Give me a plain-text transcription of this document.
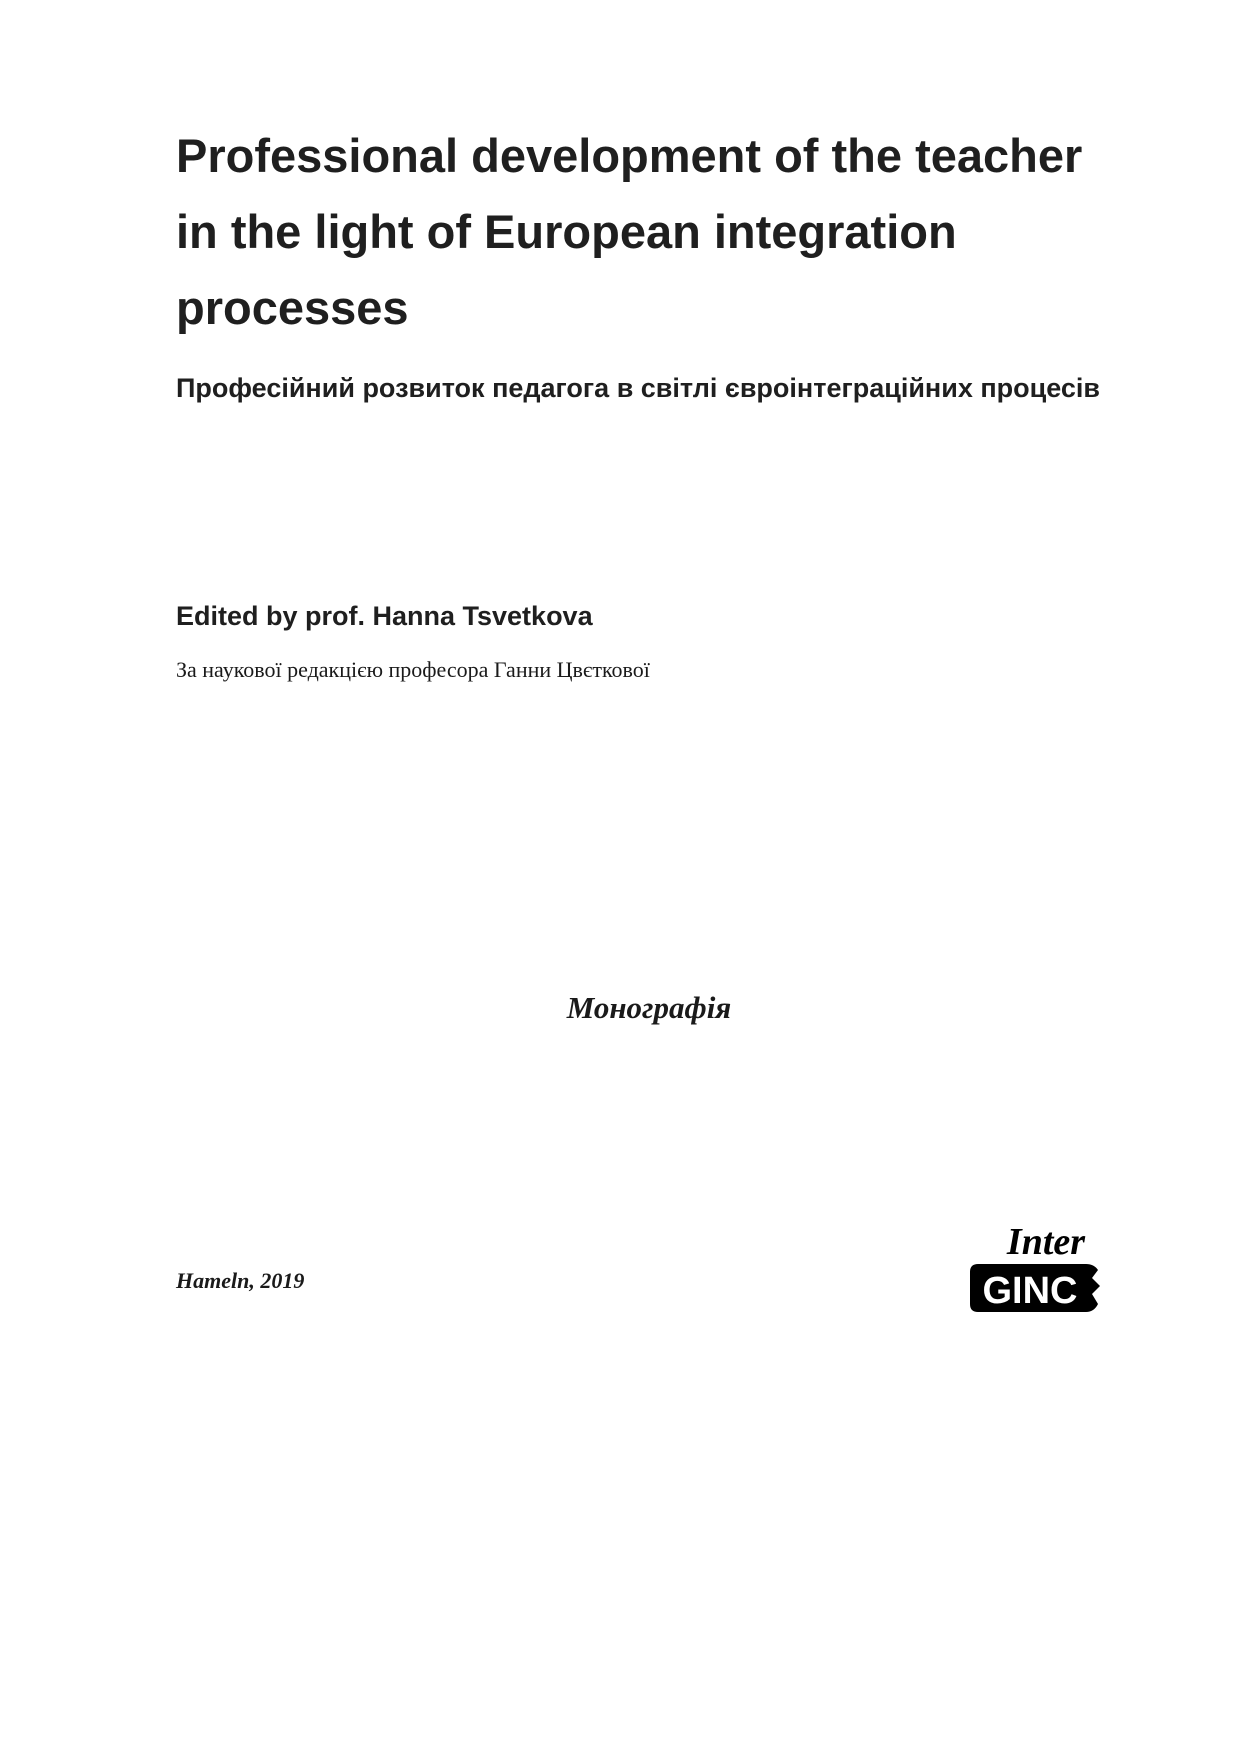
Professional development of the teacher in the light of European integration processes
Професійний розвиток педагога в світлі євроінтеграційних процесів

Edited by prof. Hanna Tsvetkova

За наукової редакцією професора Ганни Цвєткової

Монографія

Hameln, 2019

Inter
GINC
